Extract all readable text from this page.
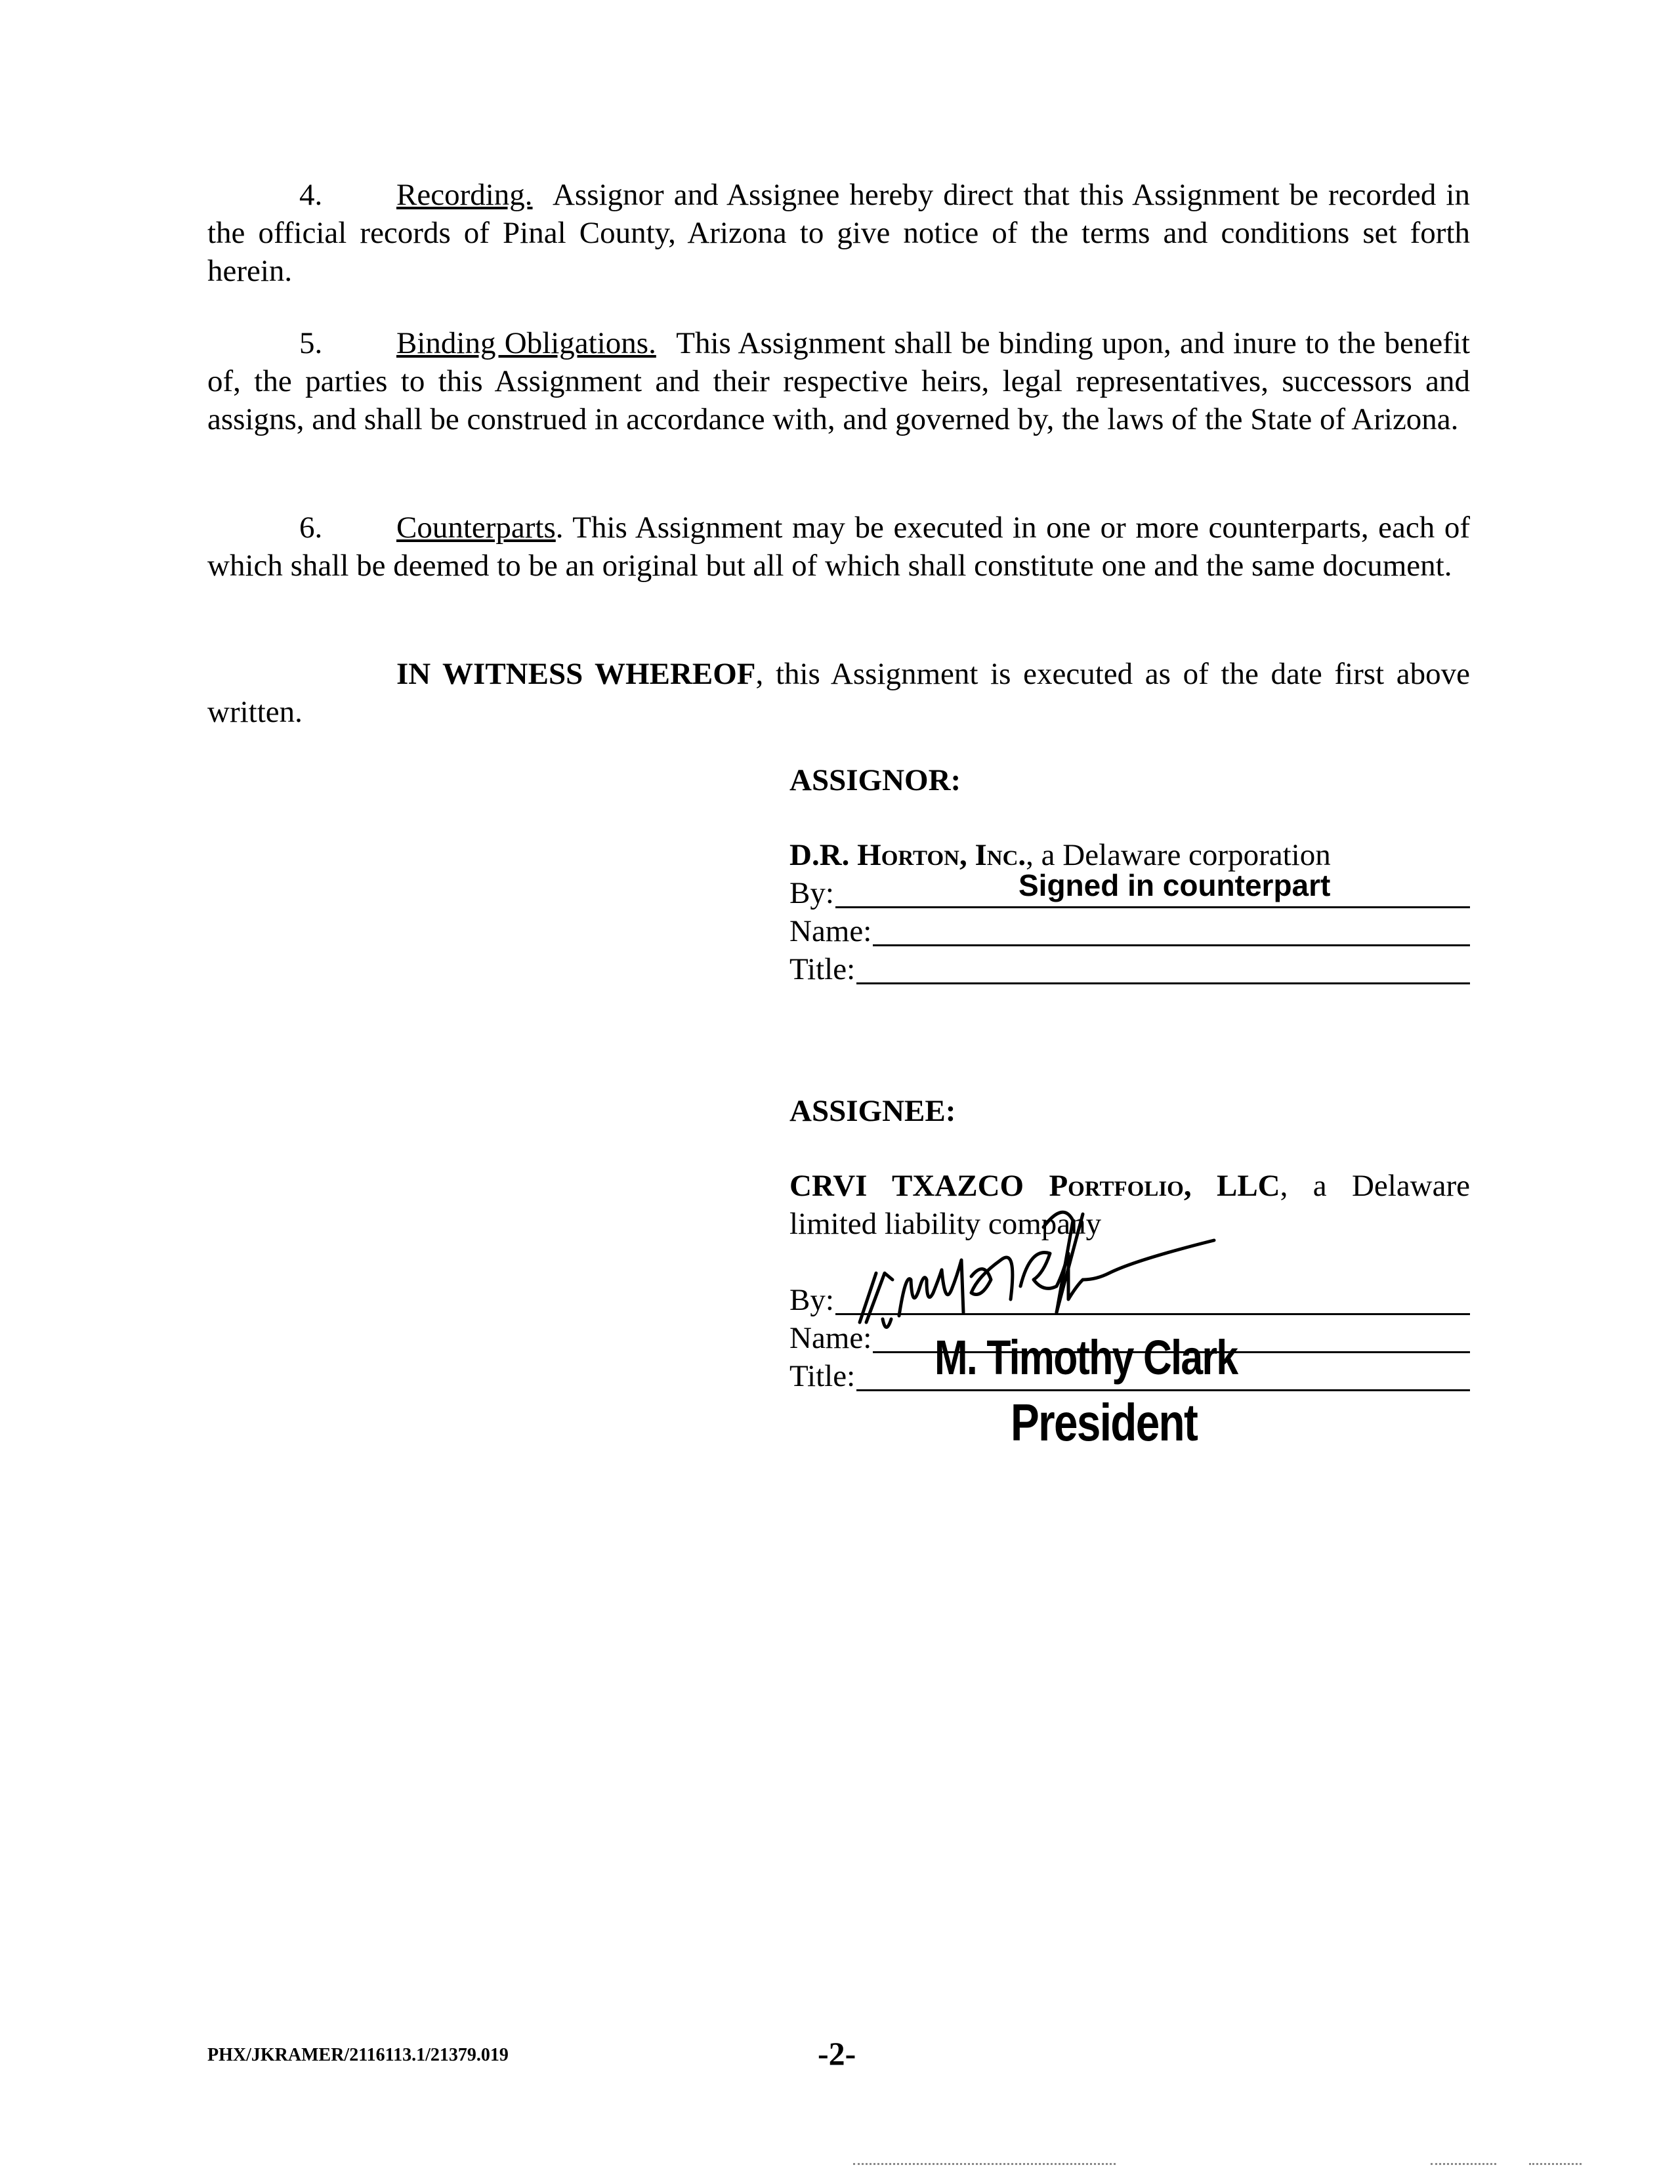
4. Recording. Assignor and Assignee hereby direct that this Assignment be recorded in the official records of Pinal County, Arizona to give notice of the terms and conditions set forth herein.
5. Binding Obligations. This Assignment shall be binding upon, and inure to the benefit of, the parties to this Assignment and their respective heirs, legal representatives, successors and assigns, and shall be construed in accordance with, and governed by, the laws of the State of Arizona.
6. Counterparts. This Assignment may be executed in one or more counterparts, each of which shall be deemed to be an original but all of which shall constitute one and the same document.
IN WITNESS WHEREOF, this Assignment is executed as of the date first above written.
ASSIGNOR:
D.R. Horton, Inc., a Delaware corporation
By:
Name:
Title:
Signed in counterpart
ASSIGNEE:
CRVI TXAZCO Portfolio, LLC, a Delaware limited liability company
By:
Name:
Title: M. Timothy Clark
President
PHX/JKRAMER/2116113.1/21379.019	-2-
